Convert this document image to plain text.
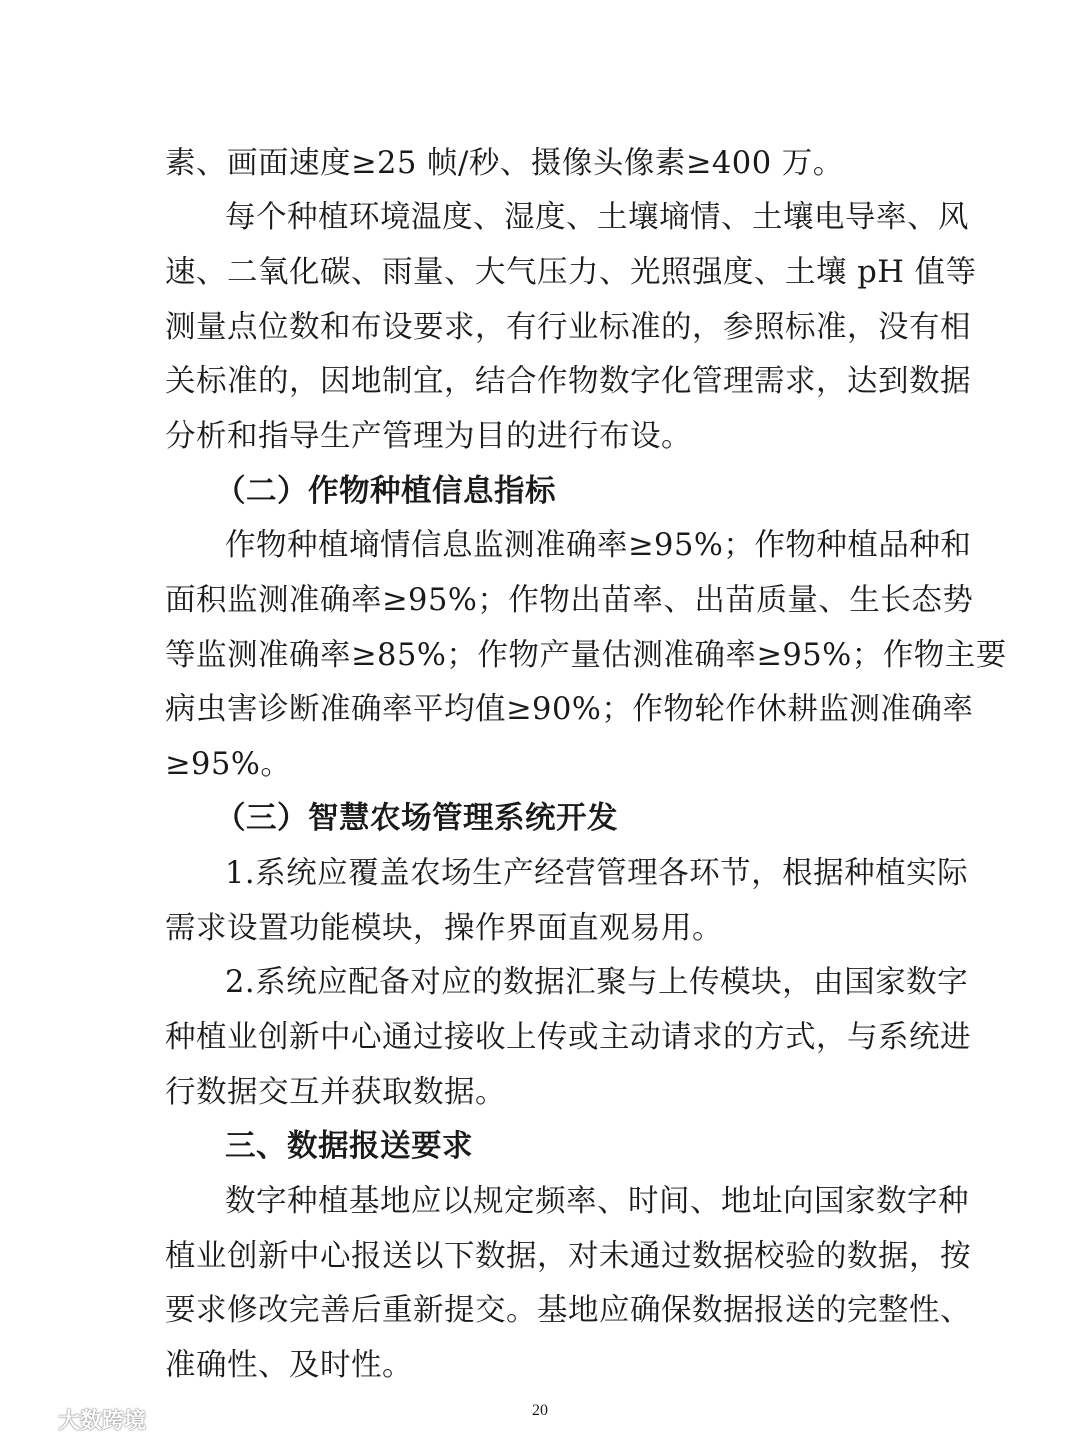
素、画面速度≥25 帧/秒、摄像头像素≥400 万。
每个种植环境温度、湿度、土壤墒情、土壤电导率、风
速、二氧化碳、雨量、大气压力、光照强度、土壤 pH 值等
测量点位数和布设要求，有行业标准的，参照标准，没有相
关标准的，因地制宜，结合作物数字化管理需求，达到数据
分析和指导生产管理为目的进行布设。
（二）作物种植信息指标
作物种植墒情信息监测准确率≥95%；作物种植品种和
面积监测准确率≥95%；作物出苗率、出苗质量、生长态势
等监测准确率≥85%；作物产量估测准确率≥95%；作物主要
病虫害诊断准确率平均值≥90%；作物轮作休耕监测准确率
≥95%。
（三）智慧农场管理系统开发
1.系统应覆盖农场生产经营管理各环节，根据种植实际
需求设置功能模块，操作界面直观易用。
2.系统应配备对应的数据汇聚与上传模块，由国家数字
种植业创新中心通过接收上传或主动请求的方式，与系统进
行数据交互并获取数据。
三、数据报送要求
数字种植基地应以规定频率、时间、地址向国家数字种
植业创新中心报送以下数据，对未通过数据校验的数据，按
要求修改完善后重新提交。基地应确保数据报送的完整性、
准确性、及时性。
20
大数跨境
